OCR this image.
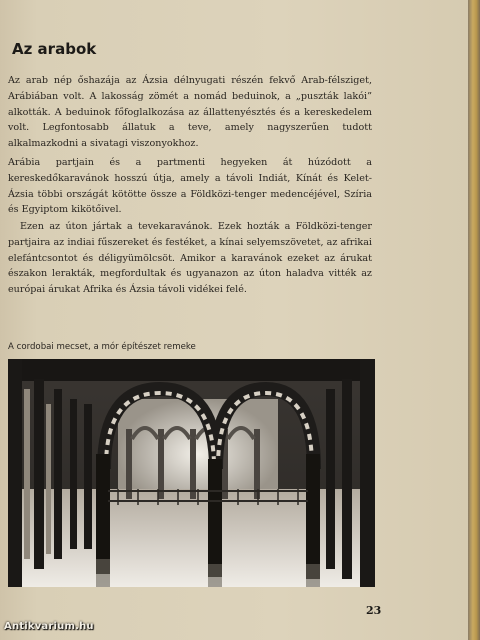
Az arabok

Az arab nép őshazája az Ázsia délnyugati részén fekvő Arab-félsziget, Arábiában volt. A lakosság zömét a nomád beduinok, a „puszták lakói” alkották. A beduinok főfoglalkozása az állattenyésztés és a kereskedelem volt. Legfontosabb állatuk a teve, amely nagyszerűen tudott alkalmazkodni a sivatagi viszonyokhoz.

Arábia partjain és a partmenti hegyeken át húzódott a kereskedőkaravánok hosszú útja, amely a távoli Indiát, Kínát és Kelet-Ázsia többi országát kötötte össze a Földközi-tenger medencéjével, Szíria és Egyiptom kikötőivel.

Ezen az úton jártak a tevekaravánok. Ezek hozták a Földközi-tenger partjaira az indiai fűszereket és festéket, a kínai selyemszövetet, az afrikai elefántcsontot és déligyümölcsöt. Amikor a karavánok ezeket az árukat északon lerakták, megfordultak és ugyanazon az úton haladva vitték az európai árukat Afrika és Ázsia távoli vidékei felé.

A cordobai mecset, a mór építészet remeke

23

Antikvarium.hu
